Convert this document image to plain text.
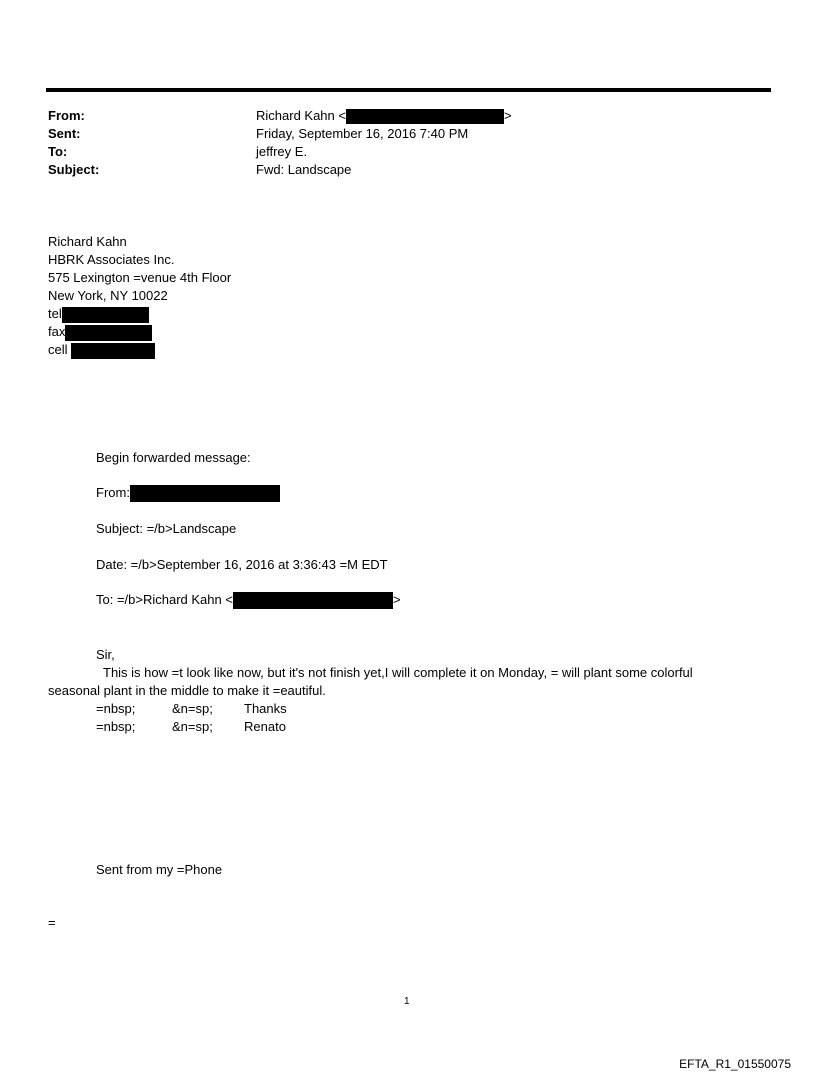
From:	Richard Kahn <	>
Sent:	Friday, September 16, 2016 7:40 PM
To:	jeffrey E.
Subject:	Fwd: Landscape
Richard Kahn
HBRK Associates Inc.
575 Lexington =venue 4th Floor
New York, NY 10022
tel
fax
cell
Begin forwarded message:
From:
Subject: =/b>Landscape
Date: =/b>September 16, 2016 at 3:36:43 =M EDT
To: =/b>Richard Kahn <	>
Sir,
This is how =t look like now, but it's not finish yet,I will complete it on Monday, = will plant some colorful
seasonal plant in the middle to make it =eautiful.
=nbsp;	&n=sp; Thanks
=nbsp;	&n=sp; Renato
Sent from my =Phone
=
1
EFTA_R1_01550075
